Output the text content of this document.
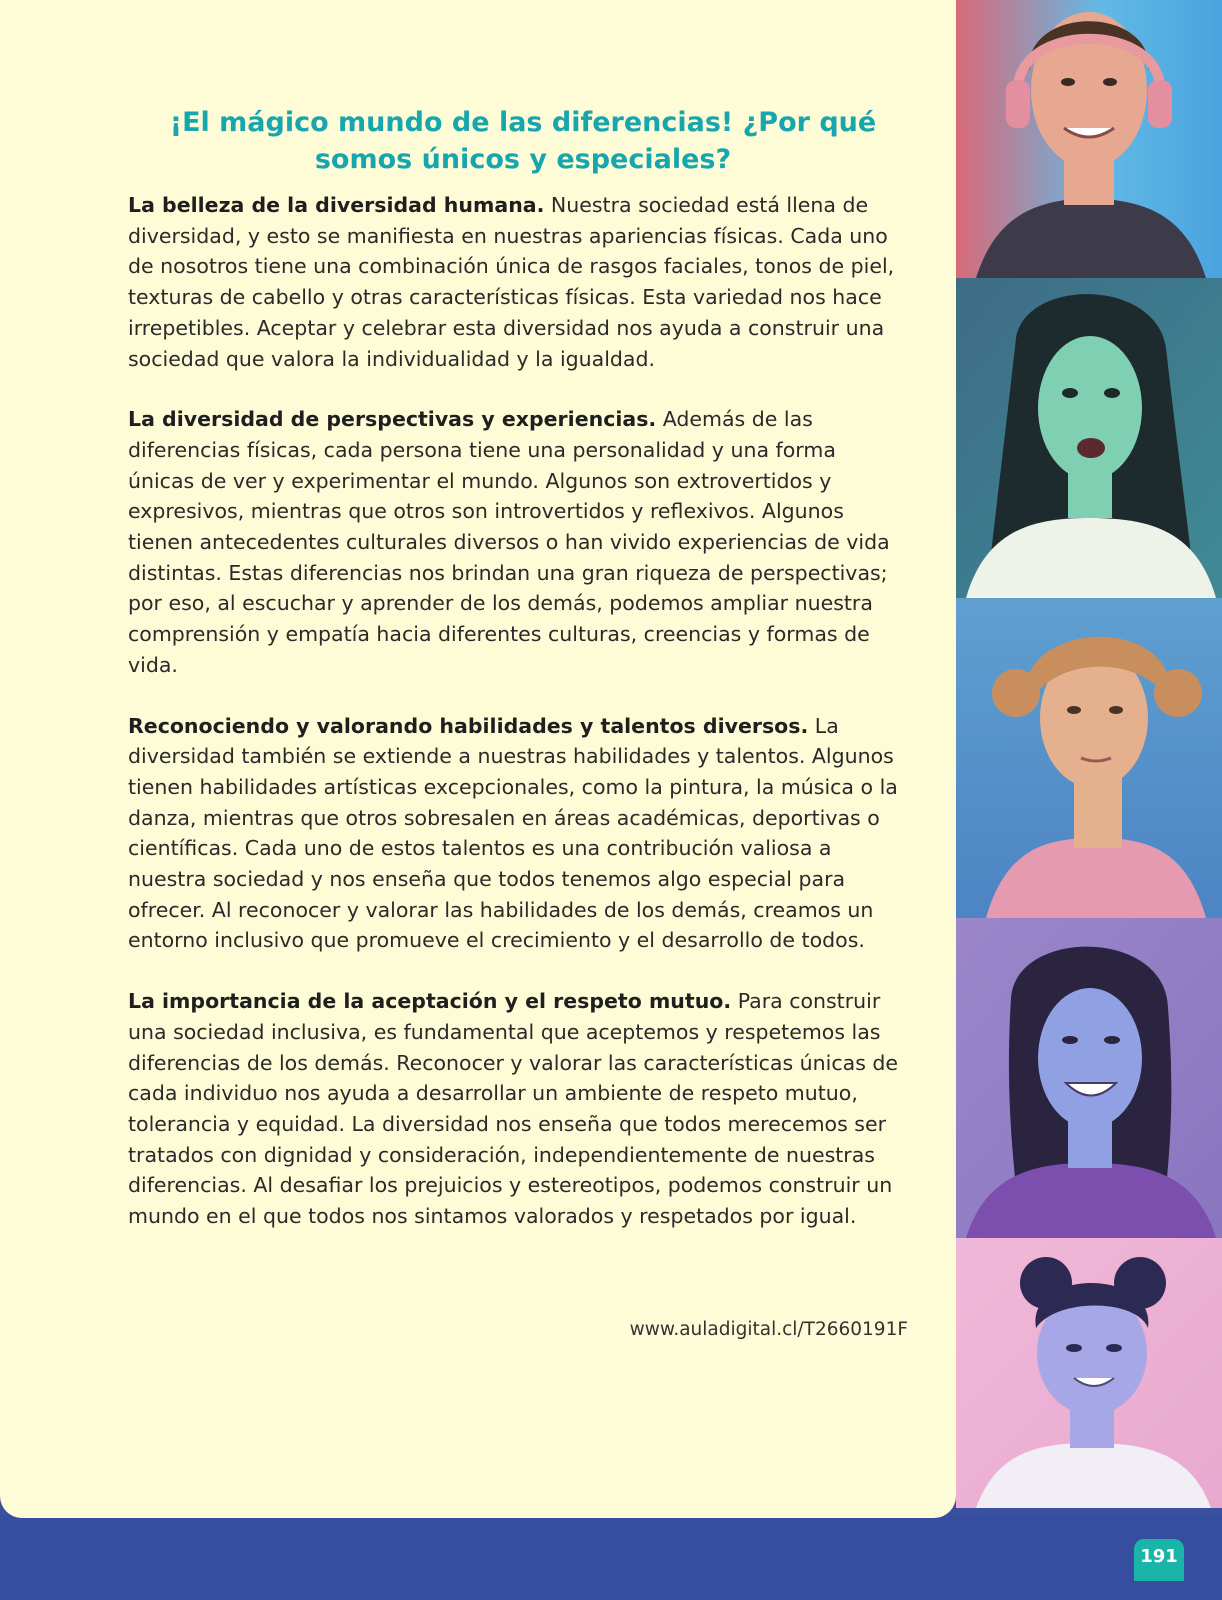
¡El mágico mundo de las diferencias! ¿Por qué somos únicos y especiales?

La belleza de la diversidad humana. Nuestra sociedad está llena de diversidad, y esto se manifiesta en nuestras apariencias físicas. Cada uno de nosotros tiene una combinación única de rasgos faciales, tonos de piel, texturas de cabello y otras características físicas. Esta variedad nos hace irrepetibles. Aceptar y celebrar esta diversidad nos ayuda a construir una sociedad que valora la individualidad y la igualdad.

La diversidad de perspectivas y experiencias. Además de las diferencias físicas, cada persona tiene una personalidad y una forma únicas de ver y experimentar el mundo. Algunos son extrovertidos y expresivos, mientras que otros son introvertidos y reflexivos. Algunos tienen antecedentes culturales diversos o han vivido experiencias de vida distintas. Estas diferencias nos brindan una gran riqueza de perspectivas; por eso, al escuchar y aprender de los demás, podemos ampliar nuestra comprensión y empatía hacia diferentes culturas, creencias y formas de vida.

Reconociendo y valorando habilidades y talentos diversos. La diversidad también se extiende a nuestras habilidades y talentos. Algunos tienen habilidades artísticas excepcionales, como la pintura, la música o la danza, mientras que otros sobresalen en áreas académicas, deportivas o científicas. Cada uno de estos talentos es una contribución valiosa a nuestra sociedad y nos enseña que todos tenemos algo especial para ofrecer. Al reconocer y valorar las habilidades de los demás, creamos un entorno inclusivo que promueve el crecimiento y el desarrollo de todos.

La importancia de la aceptación y el respeto mutuo. Para construir una sociedad inclusiva, es fundamental que aceptemos y respetemos las diferencias de los demás. Reconocer y valorar las características únicas de cada individuo nos ayuda a desarrollar un ambiente de respeto mutuo, tolerancia y equidad. La diversidad nos enseña que todos merecemos ser tratados con dignidad y consideración, independientemente de nuestras diferencias. Al desafiar los prejuicios y estereotipos, podemos construir un mundo en el que todos nos sintamos valorados y respetados por igual.

www.auladigital.cl/T2660191F
191
